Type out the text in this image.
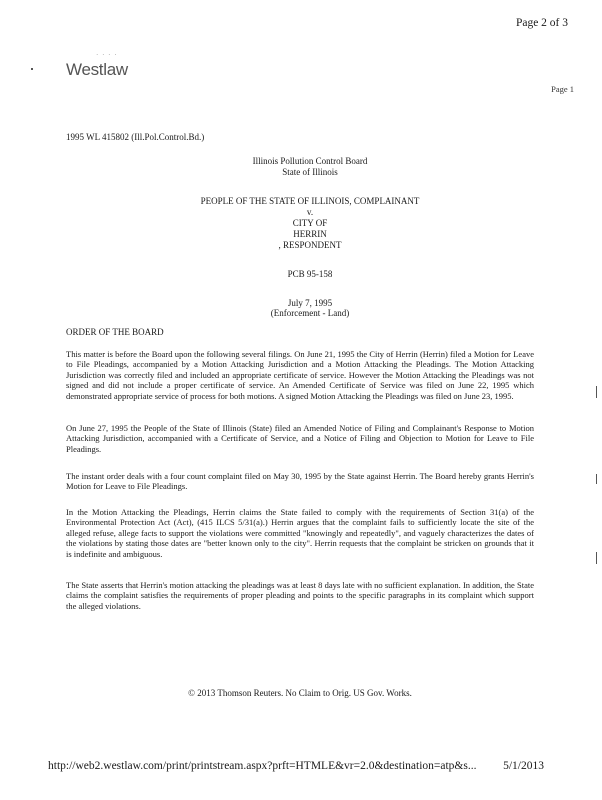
Page 2 of 3
· · · ·
Westlaw
Page 1
1995 WL 415802 (Ill.Pol.Control.Bd.)
Illinois Pollution Control Board
State of Illinois
PEOPLE OF THE STATE OF ILLINOIS, COMPLAINANT
v.
CITY OF
HERRIN
, RESPONDENT
PCB 95-158
July 7, 1995
(Enforcement - Land)
ORDER OF THE BOARD
This matter is before the Board upon the following several filings. On June 21, 1995 the City of Herrin (Herrin) filed a Motion for Leave to File Pleadings, accompanied by a Motion Attacking Jurisdiction and a Motion Attacking the Pleadings. The Motion Attacking Jurisdiction was correctly filed and included an appropriate certificate of service. However the Motion Attacking the Pleadings was not signed and did not include a proper certificate of service. An Amended Certificate of Service was filed on June 22, 1995 which demonstrated appropriate service of process for both motions. A signed Motion Attacking the Pleadings was filed on June 23, 1995.
On June 27, 1995 the People of the State of Illinois (State) filed an Amended Notice of Filing and Complainant's Response to Motion Attacking Jurisdiction, accompanied with a Certificate of Service, and a Notice of Filing and Objection to Motion for Leave to File Pleadings.
The instant order deals with a four count complaint filed on May 30, 1995 by the State against Herrin. The Board hereby grants Herrin's Motion for Leave to File Pleadings.
In the Motion Attacking the Pleadings, Herrin claims the State failed to comply with the requirements of Section 31(a) of the Environmental Protection Act (Act), (415 ILCS 5/31(a).) Herrin argues that the complaint fails to sufficiently locate the site of the alleged refuse, allege facts to support the violations were committed "knowingly and repeatedly", and vaguely characterizes the dates of the violations by stating those dates are "better known only to the city". Herrin requests that the complaint be stricken on grounds that it is indefinite and ambiguous.
The State asserts that Herrin's motion attacking the pleadings was at least 8 days late with no sufficient explanation. In addition, the State claims the complaint satisfies the requirements of proper pleading and points to the specific paragraphs in its complaint which support the alleged violations.
© 2013 Thomson Reuters. No Claim to Orig. US Gov. Works.
http://web2.westlaw.com/print/printstream.aspx?prft=HTMLE&vr=2.0&destination=atp&s... 5/1/2013
